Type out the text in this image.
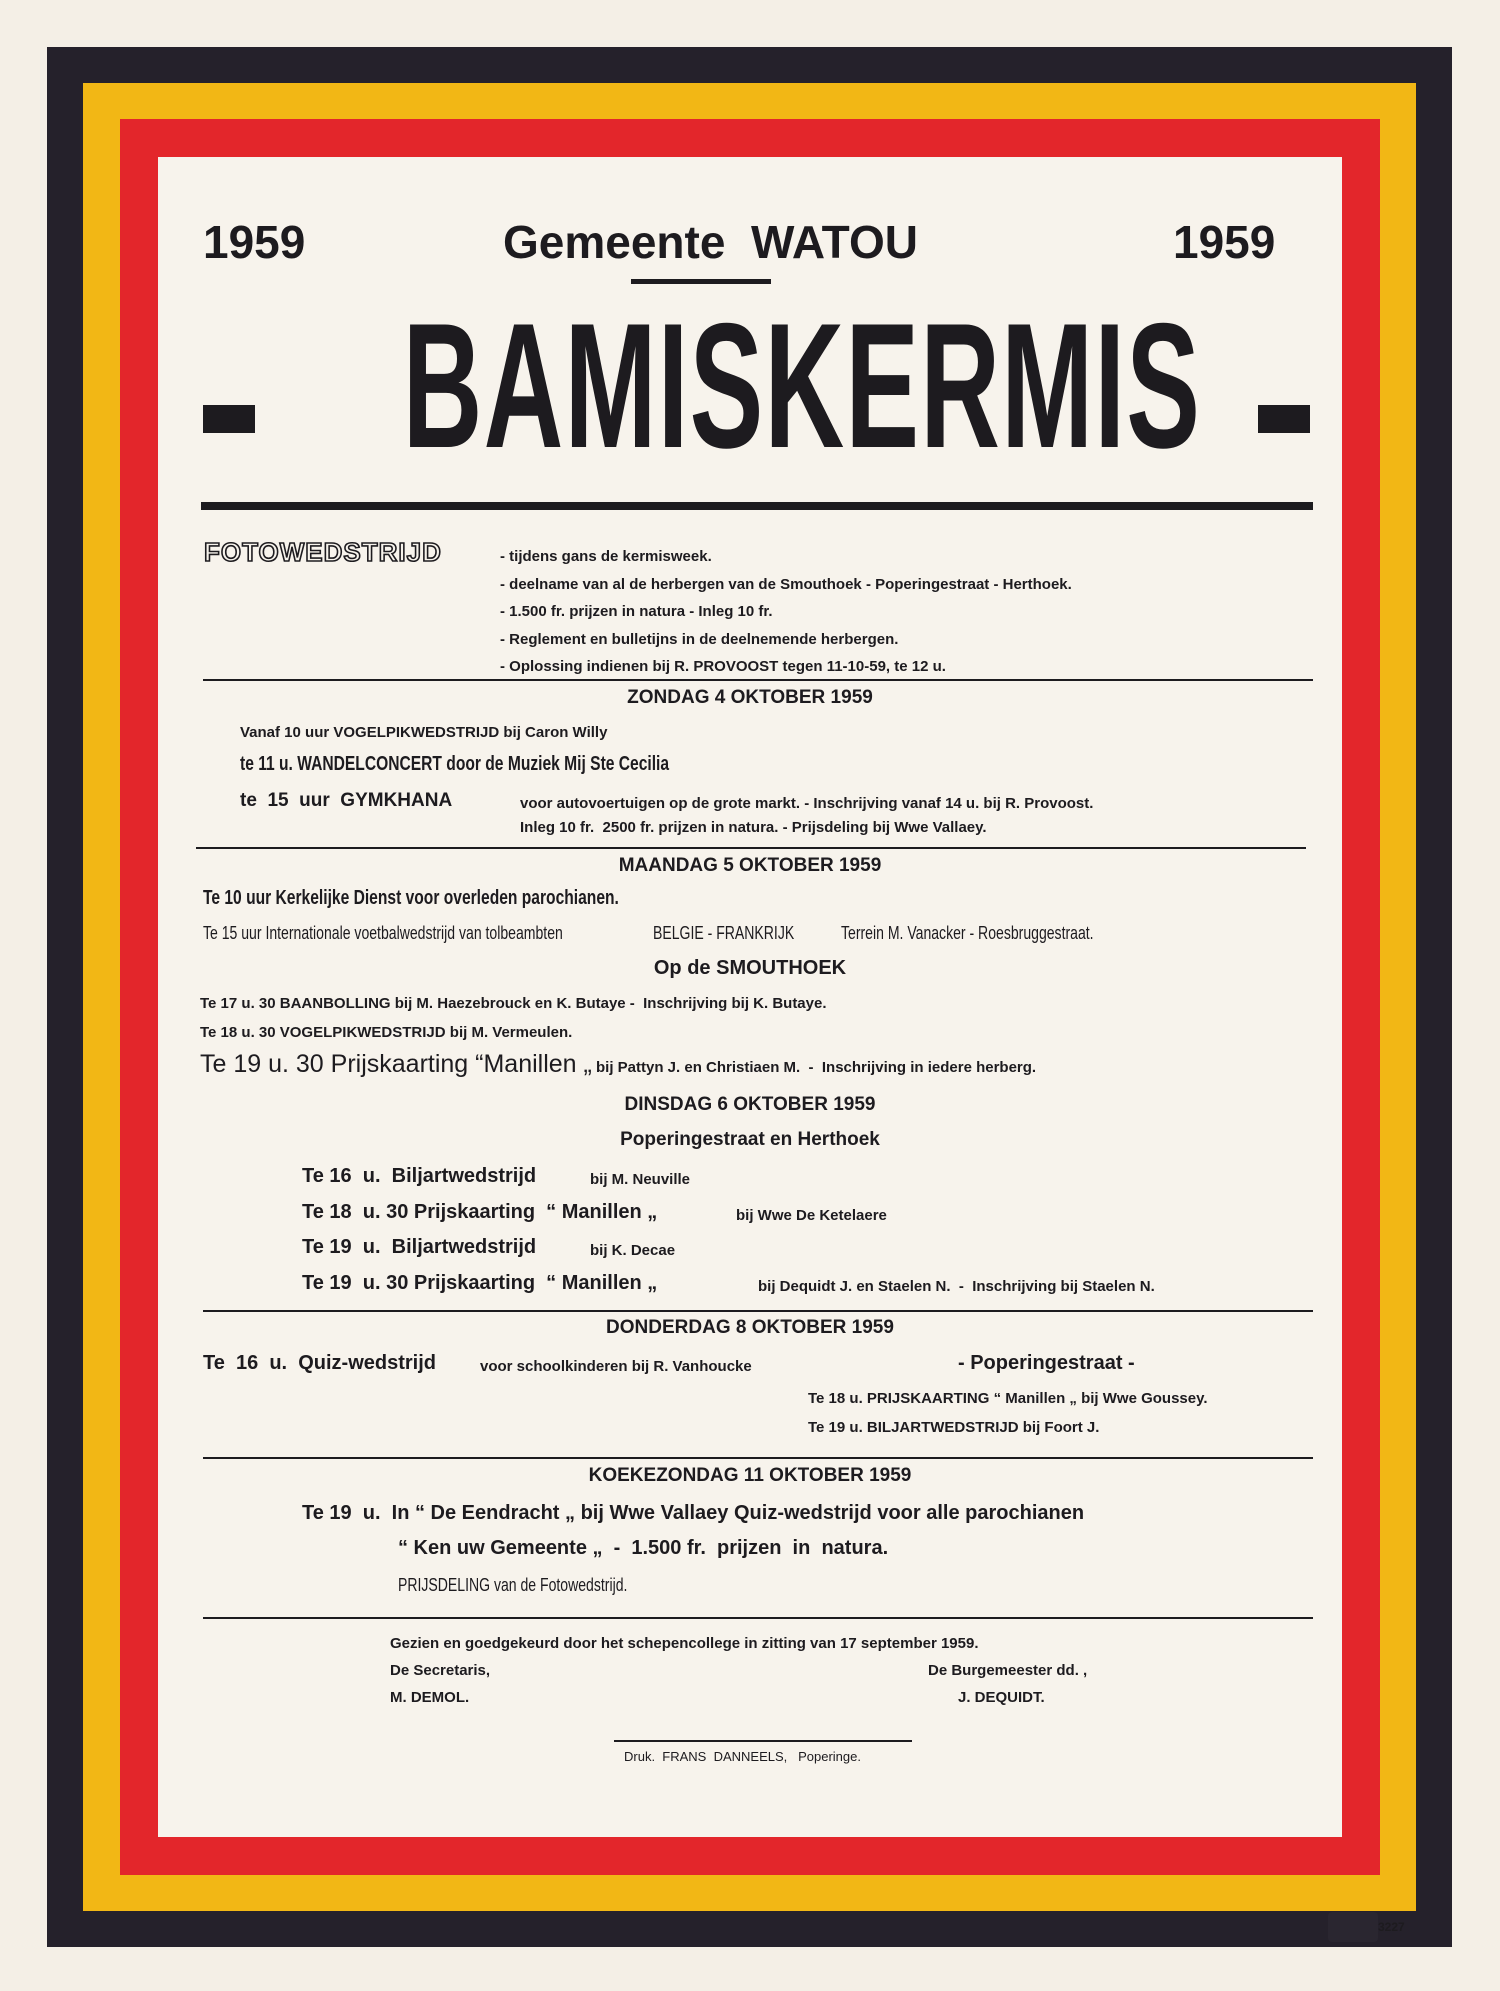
1959	Gemeente  WATOU	1959
BAMISKERMIS
FOTOWEDSTRIJD	- tijdens gans de kermisweek.
- deelname van al de herbergen van de Smouthoek - Poperingestraat - Herthoek.
- 1.500 fr. prijzen in natura - Inleg 10 fr.
- Reglement en bulletijns in de deelnemende herbergen.
- Oplossing indienen bij R. PROVOOST tegen 11-10-59, te 12 u.
ZONDAG 4 OKTOBER 1959
Vanaf 10 uur VOGELPIKWEDSTRIJD bij Caron Willy
te 11 u. WANDELCONCERT door de Muziek Mij Ste Cecilia
te  15  uur  GYMKHANA	voor autovoertuigen op de grote markt. - Inschrijving vanaf 14 u. bij R. Provoost.
Inleg 10 fr.  2500 fr. prijzen in natura. - Prijsdeling bij Wwe Vallaey.
MAANDAG 5 OKTOBER 1959
Te 10 uur Kerkelijke Dienst voor overleden parochianen.
Te 15 uur Internationale voetbalwedstrijd van tolbeambten	BELGIE - FRANKRIJK	Terrein M. Vanacker - Roesbruggestraat.
Op de SMOUTHOEK
Te 17 u. 30 BAANBOLLING bij M. Haezebrouck en K. Butaye -  Inschrijving bij K. Butaye.
Te 18 u. 30 VOGELPIKWEDSTRIJD bij M. Vermeulen.
Te 19 u. 30 Prijskaarting “Manillen „ bij Pattyn J. en Christiaen M.  -  Inschrijving in iedere herberg.
DINSDAG 6 OKTOBER 1959
Poperingestraat en Herthoek
Te 16  u.  Biljartwedstrijd	bij M. Neuville
Te 18  u. 30 Prijskaarting  “ Manillen „	bij Wwe De Ketelaere
Te 19  u.  Biljartwedstrijd	bij K. Decae
Te 19  u. 30 Prijskaarting  “ Manillen „	bij Dequidt J. en Staelen N.  -  Inschrijving bij Staelen N.
DONDERDAG 8 OKTOBER 1959
Te  16  u.  Quiz-wedstrijd	voor schoolkinderen bij R. Vanhoucke	- Poperingestraat -
Te 18 u. PRIJSKAARTING “ Manillen „ bij Wwe Goussey.
Te 19 u. BILJARTWEDSTRIJD bij Foort J.
KOEKEZONDAG 11 OKTOBER 1959
Te 19  u.  In “ De Eendracht „ bij Wwe Vallaey Quiz-wedstrijd voor alle parochianen
“ Ken uw Gemeente „  -  1.500 fr.  prijzen  in  natura.
PRIJSDELING van de Fotowedstrijd.
Gezien en goedgekeurd door het schepencollege in zitting van 17 september 1959.
De Secretaris,
M. DEMOL.
De Burgemeester dd. ,
J. DEQUIDT.
Druk.  FRANS  DANNEELS,   Poperinge.
3227
